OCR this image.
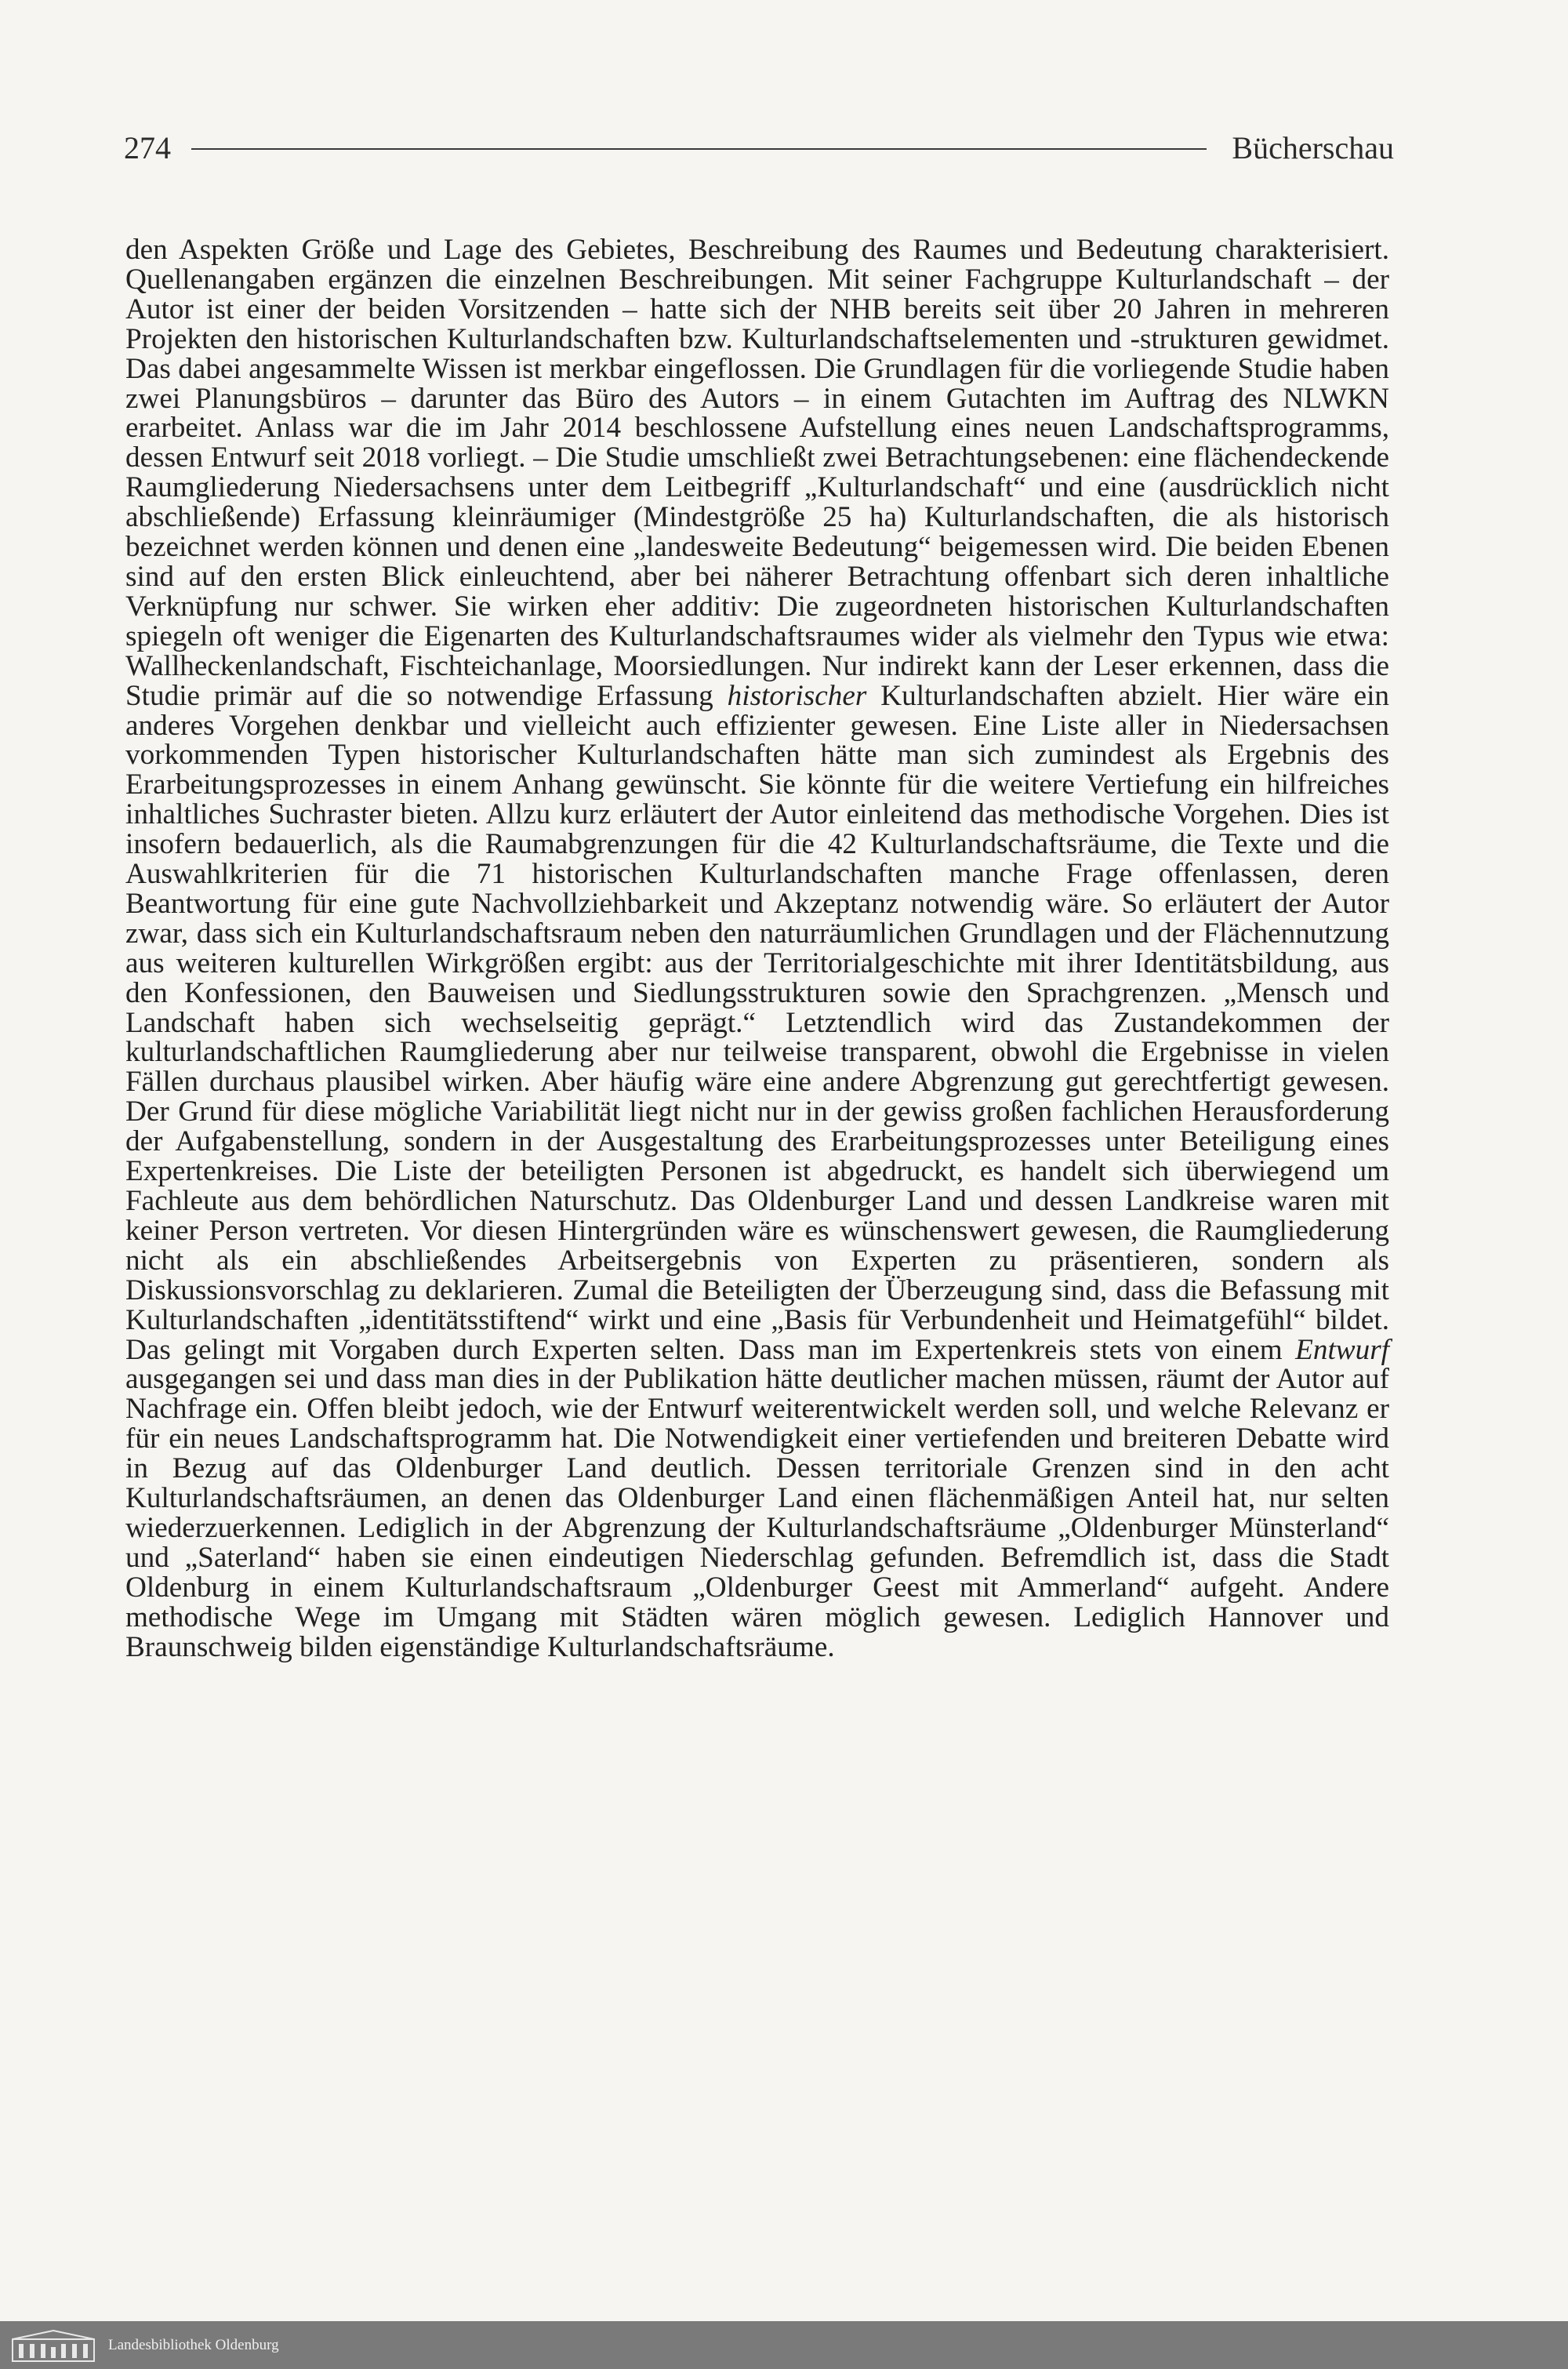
274	Bücherschau

den Aspekten Größe und Lage des Gebietes, Beschreibung des Raumes und Bedeutung charakterisiert. Quellenangaben ergänzen die einzelnen Beschreibungen. Mit seiner Fachgruppe Kulturlandschaft – der Autor ist einer der beiden Vorsitzenden – hatte sich der NHB bereits seit über 20 Jahren in mehreren Projekten den historischen Kulturlandschaften bzw. Kulturlandschaftselementen und -strukturen gewidmet. Das dabei angesammelte Wissen ist merkbar eingeflossen. Die Grundlagen für die vorliegende Studie haben zwei Planungsbüros – darunter das Büro des Autors – in einem Gutachten im Auftrag des NLWKN erarbeitet. Anlass war die im Jahr 2014 beschlossene Aufstellung eines neuen Landschaftsprogramms, dessen Entwurf seit 2018 vorliegt. – Die Studie umschließt zwei Betrachtungsebenen: eine flächendeckende Raumgliederung Niedersachsens unter dem Leitbegriff „Kulturlandschaft“ und eine (ausdrücklich nicht abschließende) Erfassung kleinräumiger (Mindestgröße 25 ha) Kulturlandschaften, die als historisch bezeichnet werden können und denen eine „landesweite Bedeutung“ beigemessen wird. Die beiden Ebenen sind auf den ersten Blick einleuchtend, aber bei näherer Betrachtung offenbart sich deren inhaltliche Verknüpfung nur schwer. Sie wirken eher additiv: Die zugeordneten historischen Kulturlandschaften spiegeln oft weniger die Eigenarten des Kulturlandschaftsraumes wider als vielmehr den Typus wie etwa: Wallheckenlandschaft, Fischteichanlage, Moorsiedlungen. Nur indirekt kann der Leser erkennen, dass die Studie primär auf die so notwendige Erfassung historischer Kulturlandschaften abzielt. Hier wäre ein anderes Vorgehen denkbar und vielleicht auch effizienter gewesen. Eine Liste aller in Niedersachsen vorkommenden Typen historischer Kulturlandschaften hätte man sich zumindest als Ergebnis des Erarbeitungsprozesses in einem Anhang gewünscht. Sie könnte für die weitere Vertiefung ein hilfreiches inhaltliches Suchraster bieten. Allzu kurz erläutert der Autor einleitend das methodische Vorgehen. Dies ist insofern bedauerlich, als die Raumabgrenzungen für die 42 Kulturlandschaftsräume, die Texte und die Auswahlkriterien für die 71 historischen Kulturlandschaften manche Frage offenlassen, deren Beantwortung für eine gute Nachvollziehbarkeit und Akzeptanz notwendig wäre. So erläutert der Autor zwar, dass sich ein Kulturlandschaftsraum neben den naturräumlichen Grundlagen und der Flächennutzung aus weiteren kulturellen Wirkgrößen ergibt: aus der Territorialgeschichte mit ihrer Identitätsbildung, aus den Konfessionen, den Bauweisen und Siedlungsstrukturen sowie den Sprachgrenzen. „Mensch und Landschaft haben sich wechselseitig geprägt.“ Letztendlich wird das Zustandekommen der kulturlandschaftlichen Raumgliederung aber nur teilweise transparent, obwohl die Ergebnisse in vielen Fällen durchaus plausibel wirken. Aber häufig wäre eine andere Abgrenzung gut gerechtfertigt gewesen. Der Grund für diese mögliche Variabilität liegt nicht nur in der gewiss großen fachlichen Herausforderung der Aufgabenstellung, sondern in der Ausgestaltung des Erarbeitungsprozesses unter Beteiligung eines Expertenkreises. Die Liste der beteiligten Personen ist abgedruckt, es handelt sich überwiegend um Fachleute aus dem behördlichen Naturschutz. Das Oldenburger Land und dessen Landkreise waren mit keiner Person vertreten. Vor diesen Hintergründen wäre es wünschenswert gewesen, die Raumgliederung nicht als ein abschließendes Arbeitsergebnis von Experten zu präsentieren, sondern als Diskussionsvorschlag zu deklarieren. Zumal die Beteiligten der Überzeugung sind, dass die Befassung mit Kulturlandschaften „identitätsstiftend“ wirkt und eine „Basis für Verbundenheit und Heimatgefühl“ bildet. Das gelingt mit Vorgaben durch Experten selten. Dass man im Expertenkreis stets von einem Entwurf ausgegangen sei und dass man dies in der Publikation hätte deutlicher machen müssen, räumt der Autor auf Nachfrage ein. Offen bleibt jedoch, wie der Entwurf weiterentwickelt werden soll, und welche Relevanz er für ein neues Landschaftsprogramm hat. Die Notwendigkeit einer vertiefenden und breiteren Debatte wird in Bezug auf das Oldenburger Land deutlich. Dessen territoriale Grenzen sind in den acht Kulturlandschaftsräumen, an denen das Oldenburger Land einen flächenmäßigen Anteil hat, nur selten wiederzuerkennen. Lediglich in der Abgrenzung der Kulturlandschaftsräume „Oldenburger Münsterland“ und „Saterland“ haben sie einen eindeutigen Niederschlag gefunden. Befremdlich ist, dass die Stadt Oldenburg in einem Kulturlandschaftsraum „Oldenburger Geest mit Ammerland“ aufgeht. Andere methodische Wege im Umgang mit Städten wären möglich gewesen. Lediglich Hannover und Braunschweig bilden eigenständige Kulturlandschaftsräume.

Landesbibliothek Oldenburg
